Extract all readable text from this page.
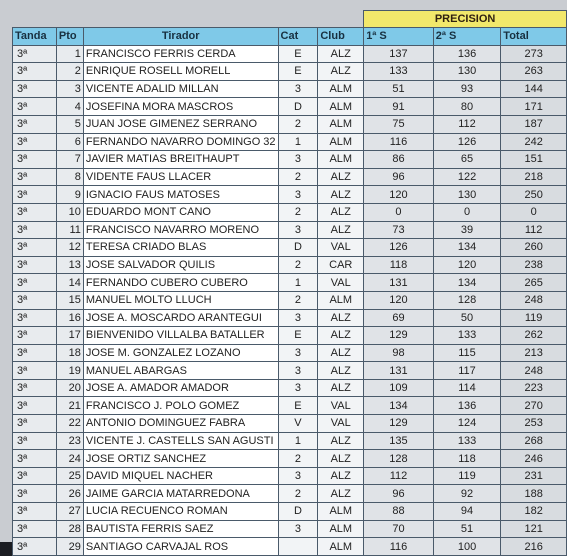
					PRECISION		
Tanda	Pto	Tirador	Cat	Club	1ª S	2ª S	Total
3ª	1	FRANCISCO FERRIS CERDA	E	ALZ	137	136	273
3ª	2	ENRIQUE ROSELL MORELL	E	ALZ	133	130	263
3ª	3	VICENTE ADALID MILLAN	3	ALM	51	93	144
3ª	4	JOSEFINA MORA MASCROS	D	ALM	91	80	171
3ª	5	JUAN JOSE GIMENEZ SERRANO	2	ALM	75	112	187
3ª	6	FERNANDO NAVARRO DOMINGO 32	1	ALM	116	126	242
3ª	7	JAVIER MATIAS BREITHAUPT	3	ALM	86	65	151
3ª	8	VIDENTE FAUS LLACER	2	ALZ	96	122	218
3ª	9	IGNACIO FAUS MATOSES	3	ALZ	120	130	250
3ª	10	EDUARDO MONT CANO	2	ALZ	0	0	0
3ª	11	FRANCISCO NAVARRO MORENO	3	ALZ	73	39	112
3ª	12	TERESA CRIADO BLAS	D	VAL	126	134	260
3ª	13	JOSE SALVADOR QUILIS	2	CAR	118	120	238
3ª	14	FERNANDO CUBERO CUBERO	1	VAL	131	134	265
3ª	15	MANUEL MOLTO LLUCH	2	ALM	120	128	248
3ª	16	JOSE A. MOSCARDO ARANTEGUI	3	ALZ	69	50	119
3ª	17	BIENVENIDO VILLALBA BATALLER	E	ALZ	129	133	262
3ª	18	JOSE M. GONZALEZ LOZANO	3	ALZ	98	115	213
3ª	19	MANUEL ABARGAS	3	ALZ	131	117	248
3ª	20	JOSE A. AMADOR AMADOR	3	ALZ	109	114	223
3ª	21	FRANCISCO J. POLO GOMEZ	E	VAL	134	136	270
3ª	22	ANTONIO DOMINGUEZ FABRA	V	VAL	129	124	253
3ª	23	VICENTE J. CASTELLS SAN AGUSTI	1	ALZ	135	133	268
3ª	24	JOSE ORTIZ SANCHEZ	2	ALZ	128	118	246
3ª	25	DAVID MIQUEL NACHER	3	ALZ	112	119	231
3ª	26	JAIME GARCIA MATARREDONA	2	ALZ	96	92	188
3ª	27	LUCIA RECUENCO ROMAN	D	ALM	88	94	182
3ª	28	BAUTISTA FERRIS SAEZ	3	ALM	70	51	121
3ª	29	SANTIAGO CARVAJAL ROS		ALM	116	100	216
